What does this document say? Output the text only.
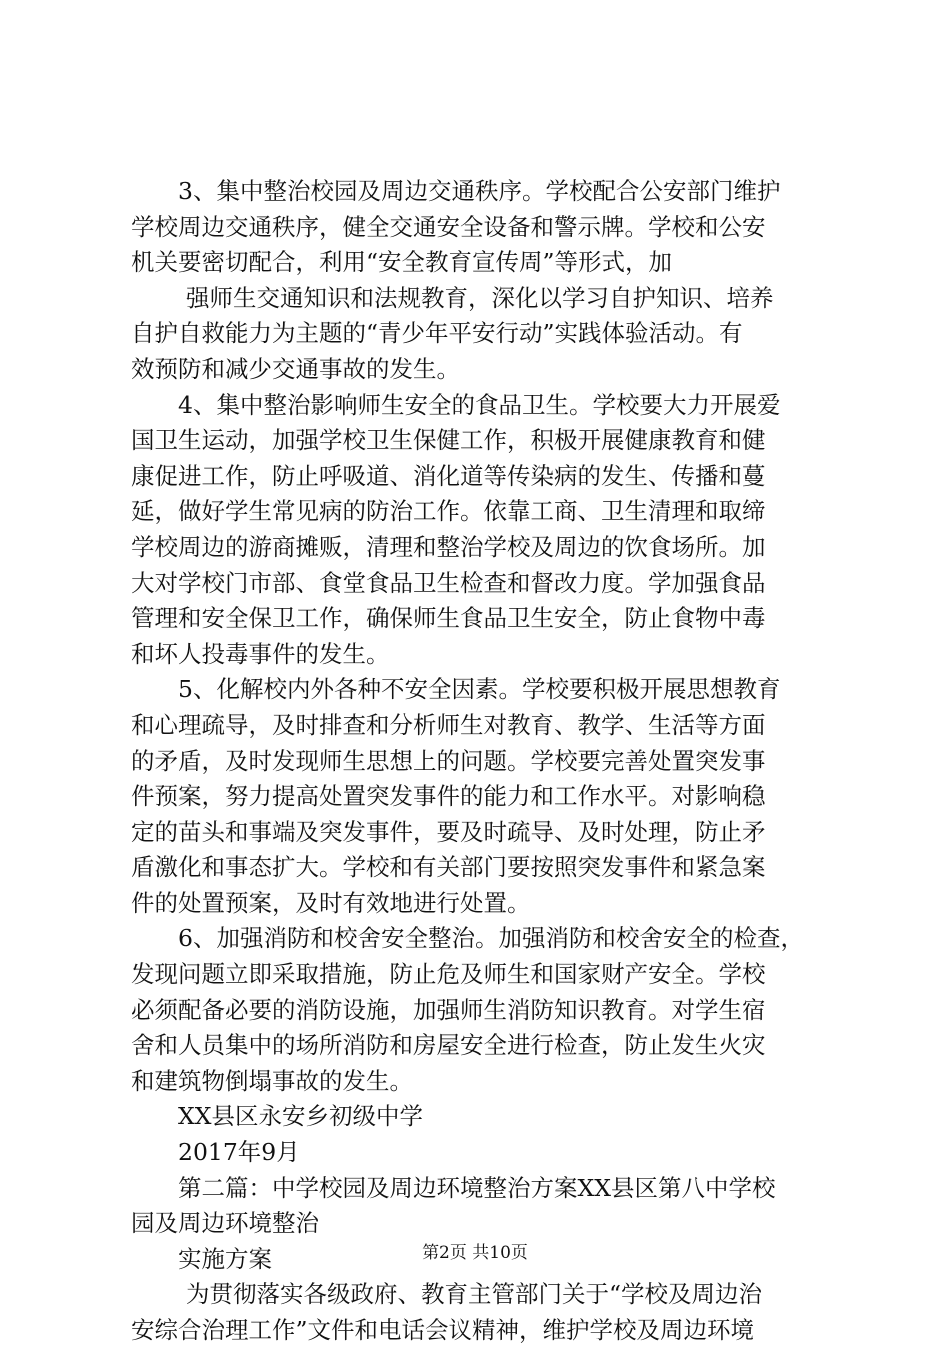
3、集中整治校园及周边交通秩序。学校配合公安部门维护
学校周边交通秩序，健全交通安全设备和警示牌。学校和公安
机关要密切配合，利用“安全教育宣传周”等形式，加
强师生交通知识和法规教育，深化以学习自护知识、培养
自护自救能力为主题的“青少年平安行动”实践体验活动。有
效预防和减少交通事故的发生。
4、集中整治影响师生安全的食品卫生。学校要大力开展爱
国卫生运动，加强学校卫生保健工作，积极开展健康教育和健
康促进工作，防止呼吸道、消化道等传染病的发生、传播和蔓
延，做好学生常见病的防治工作。依靠工商、卫生清理和取缔
学校周边的游商摊贩，清理和整治学校及周边的饮食场所。加
大对学校门市部、食堂食品卫生检查和督改力度。学加强食品
管理和安全保卫工作，确保师生食品卫生安全，防止食物中毒
和坏人投毒事件的发生。
5、化解校内外各种不安全因素。学校要积极开展思想教育
和心理疏导，及时排查和分析师生对教育、教学、生活等方面
的矛盾，及时发现师生思想上的问题。学校要完善处置突发事
件预案，努力提高处置突发事件的能力和工作水平。对影响稳
定的苗头和事端及突发事件，要及时疏导、及时处理，防止矛
盾激化和事态扩大。学校和有关部门要按照突发事件和紧急案
件的处置预案，及时有效地进行处置。
6、加强消防和校舍安全整治。加强消防和校舍安全的检查，
发现问题立即采取措施，防止危及师生和国家财产安全。学校
必须配备必要的消防设施，加强师生消防知识教育。对学生宿
舍和人员集中的场所消防和房屋安全进行检查，防止发生火灾
和建筑物倒塌事故的发生。
XX县区永安乡初级中学
2017年9月
第二篇：中学校园及周边环境整治方案XX县区第八中学校
园及周边环境整治
实施方案
为贯彻落实各级政府、教育主管部门关于“学校及周边治
安综合治理工作”文件和电话会议精神，维护学校及周边环境
第2页 共10页
